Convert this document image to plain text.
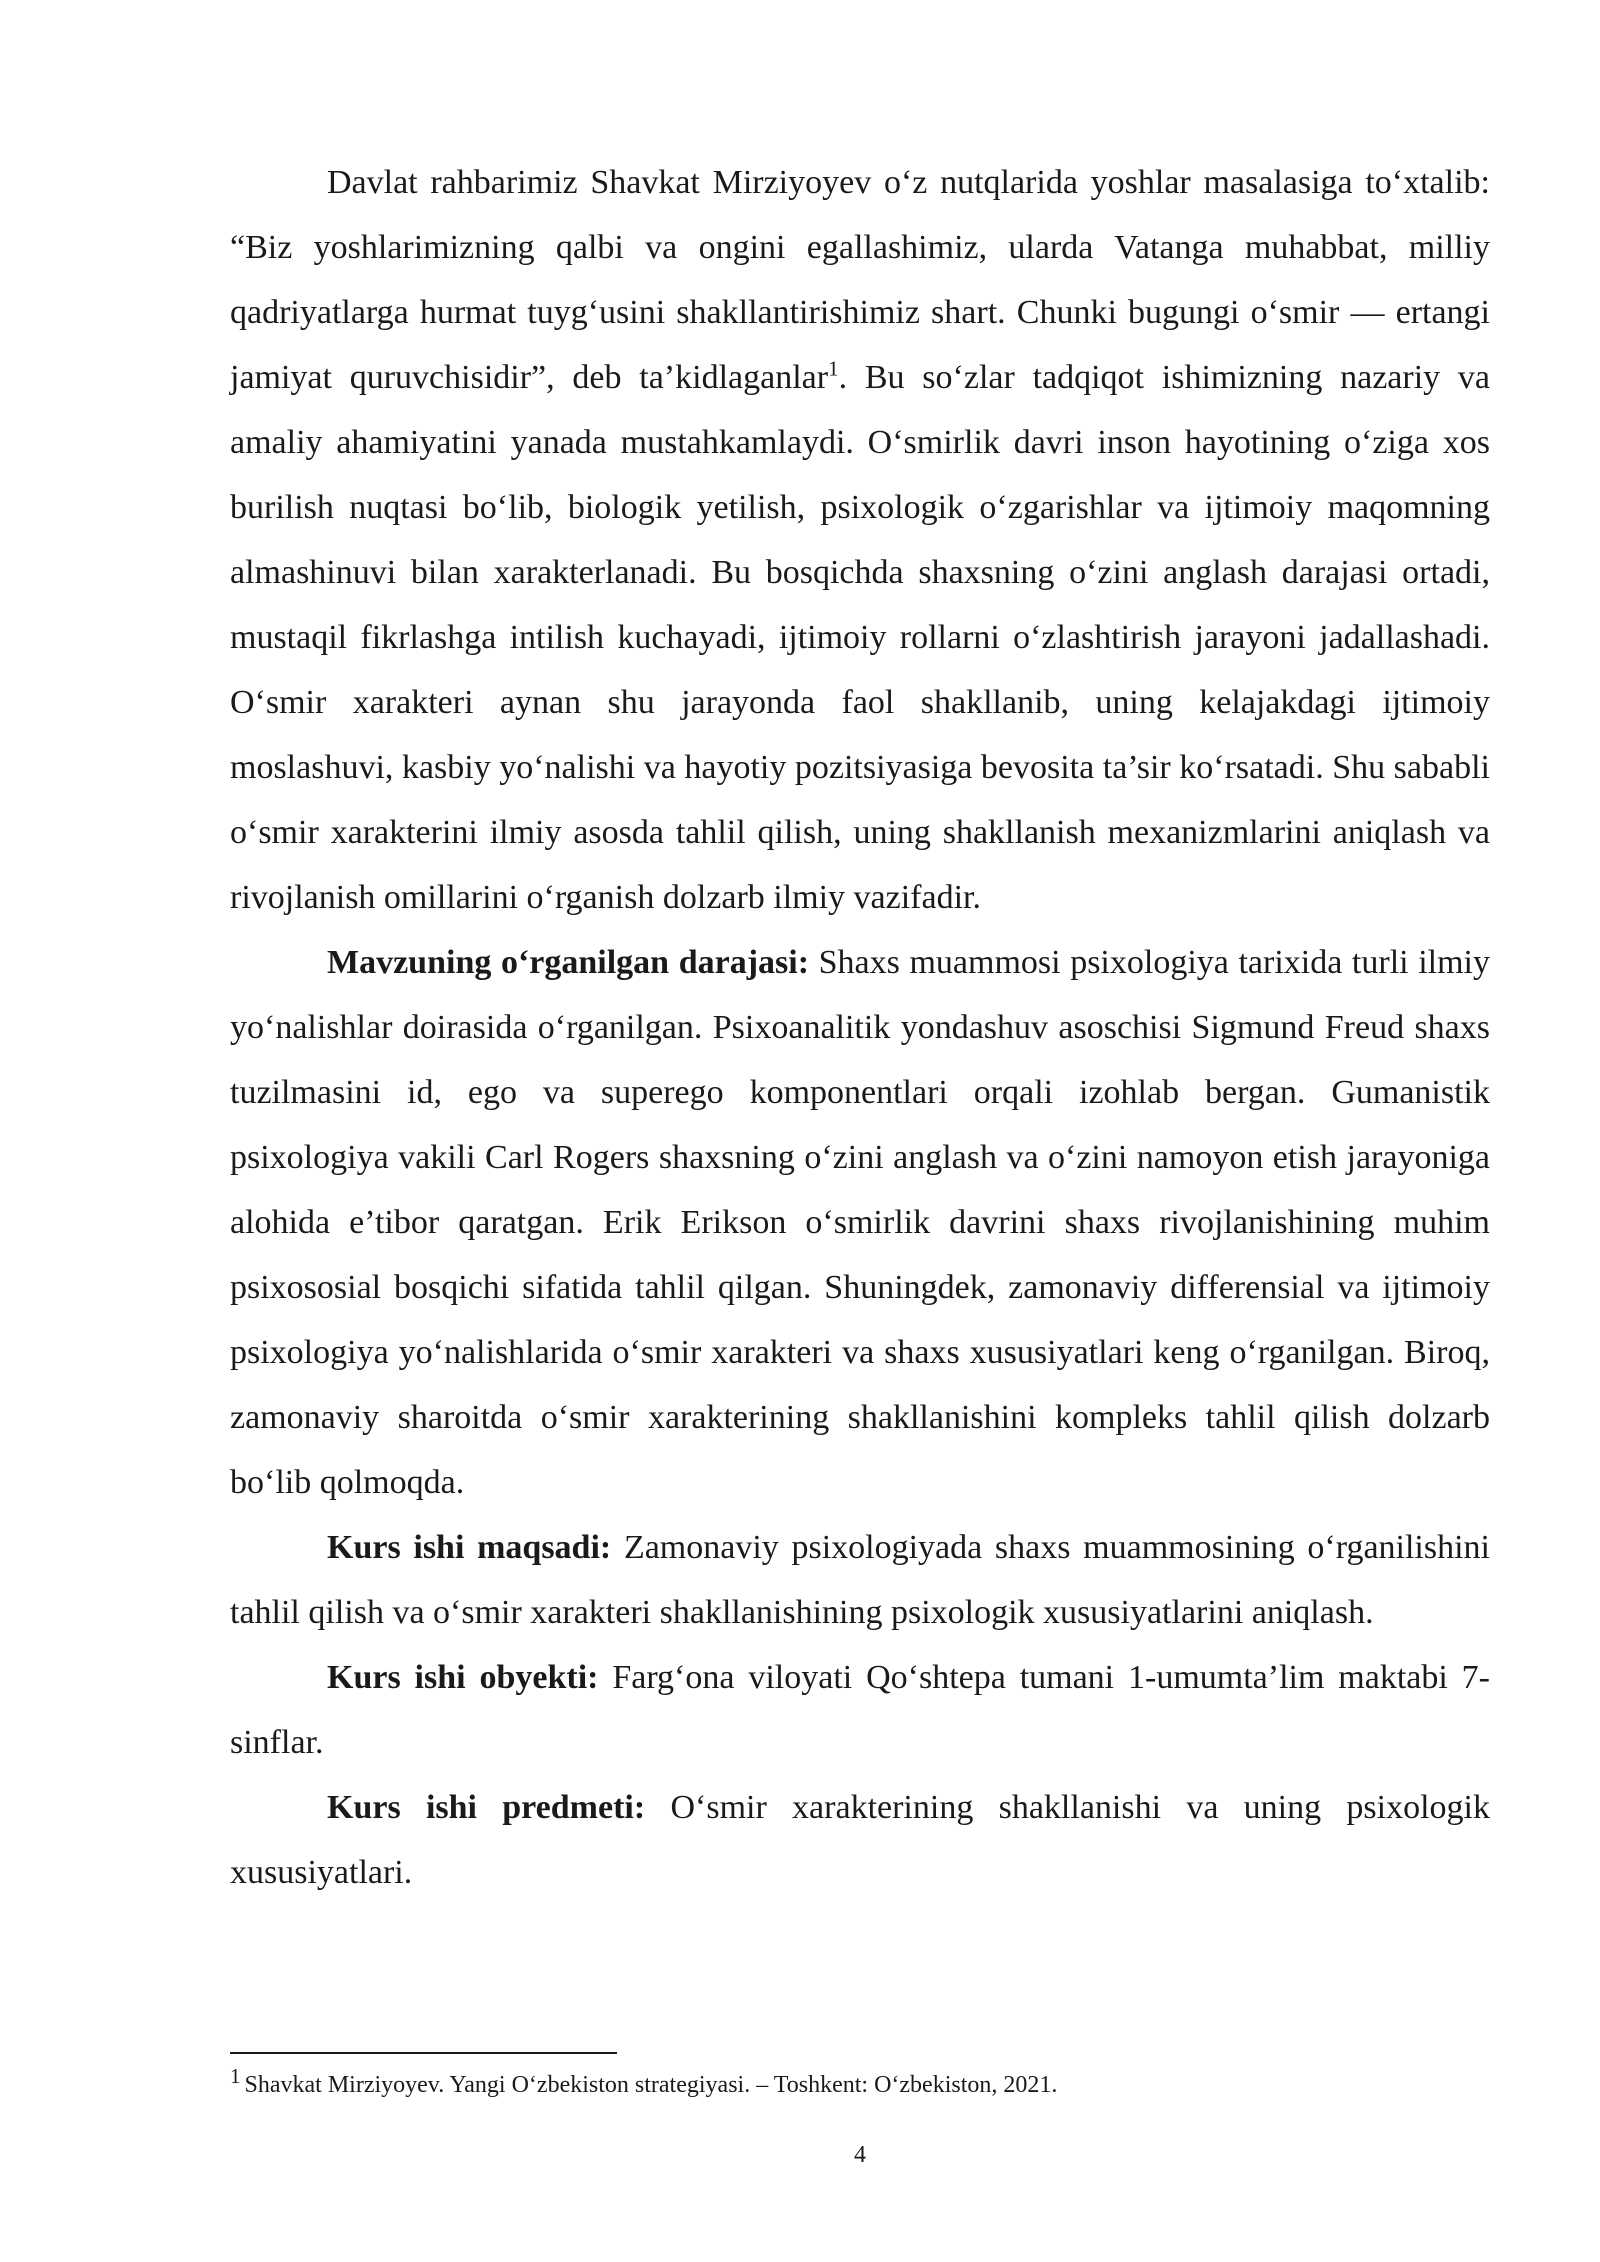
Davlat rahbarimiz Shavkat Mirziyoyev o‘z nutqlarida yoshlar masalasiga to‘xtalib: “Biz yoshlarimizning qalbi va ongini egallashimiz, ularda Vatanga muhabbat, milliy qadriyatlarga hurmat tuyg‘usini shakllantirishimiz shart. Chunki bugungi o‘smir — ertangi jamiyat quruvchisidir”, deb ta’kidlaganlar$^1$. Bu so‘zlar tadqiqot ishimizning nazariy va amaliy ahamiyatini yanada mustahkamlaydi. O‘smirlik davri inson hayotining o‘ziga xos burilish nuqtasi bo‘lib, biologik yetilish, psixologik o‘zgarishlar va ijtimoiy maqomning almashinuvi bilan xarakterlanadi. Bu bosqichda shaxsning o‘zini anglash darajasi ortadi, mustaqil fikrlashga intilish kuchayadi, ijtimoiy rollarni o‘zlashtirish jarayoni jadallashadi. O‘smir xarakteri aynan shu jarayonda faol shakllanib, uning kelajakdagi ijtimoiy moslashuvi, kasbiy yo‘nalishi va hayotiy pozitsiyasiga bevosita ta’sir ko‘rsatadi. Shu sababli o‘smir xarakterini ilmiy asosda tahlil qilish, uning shakllanish mexanizmlarini aniqlash va rivojlanish omillarini o‘rganish dolzarb ilmiy vazifadir.

Mavzuning o‘rganilgan darajasi: Shaxs muammosi psixologiya tarixida turli ilmiy yo‘nalishlar doirasida o‘rganilgan. Psixoanalitik yondashuv asoschisi Sigmund Freud shaxs tuzilmasini id, ego va superego komponentlari orqali izohlab bergan. Gumanistik psixologiya vakili Carl Rogers shaxsning o‘zini anglash va o‘zini namoyon etish jarayoniga alohida e’tibor qaratgan. Erik Erikson o‘smirlik davrini shaxs rivojlanishining muhim psixososial bosqichi sifatida tahlil qilgan. Shuningdek, zamonaviy differensial va ijtimoiy psixologiya yo‘nalishlarida o‘smir xarakteri va shaxs xususiyatlari keng o‘rganilgan. Biroq, zamonaviy sharoitda o‘smir xarakterining shakllanishini kompleks tahlil qilish dolzarb bo‘lib qolmoqda.

Kurs ishi maqsadi: Zamonaviy psixologiyada shaxs muammosining o‘rganilishini tahlil qilish va o‘smir xarakteri shakllanishining psixologik xususiyatlarini aniqlash.

Kurs ishi obyekti: Farg‘ona viloyati Qo‘shtepa tumani 1-umumta’lim maktabi 7-sinflar.

Kurs ishi predmeti: O‘smir xarakterining shakllanishi va uning psixologik xususiyatlari.

1 Shavkat Mirziyoyev. Yangi O‘zbekiston strategiyasi. – Toshkent: O‘zbekiston, 2021.

4
